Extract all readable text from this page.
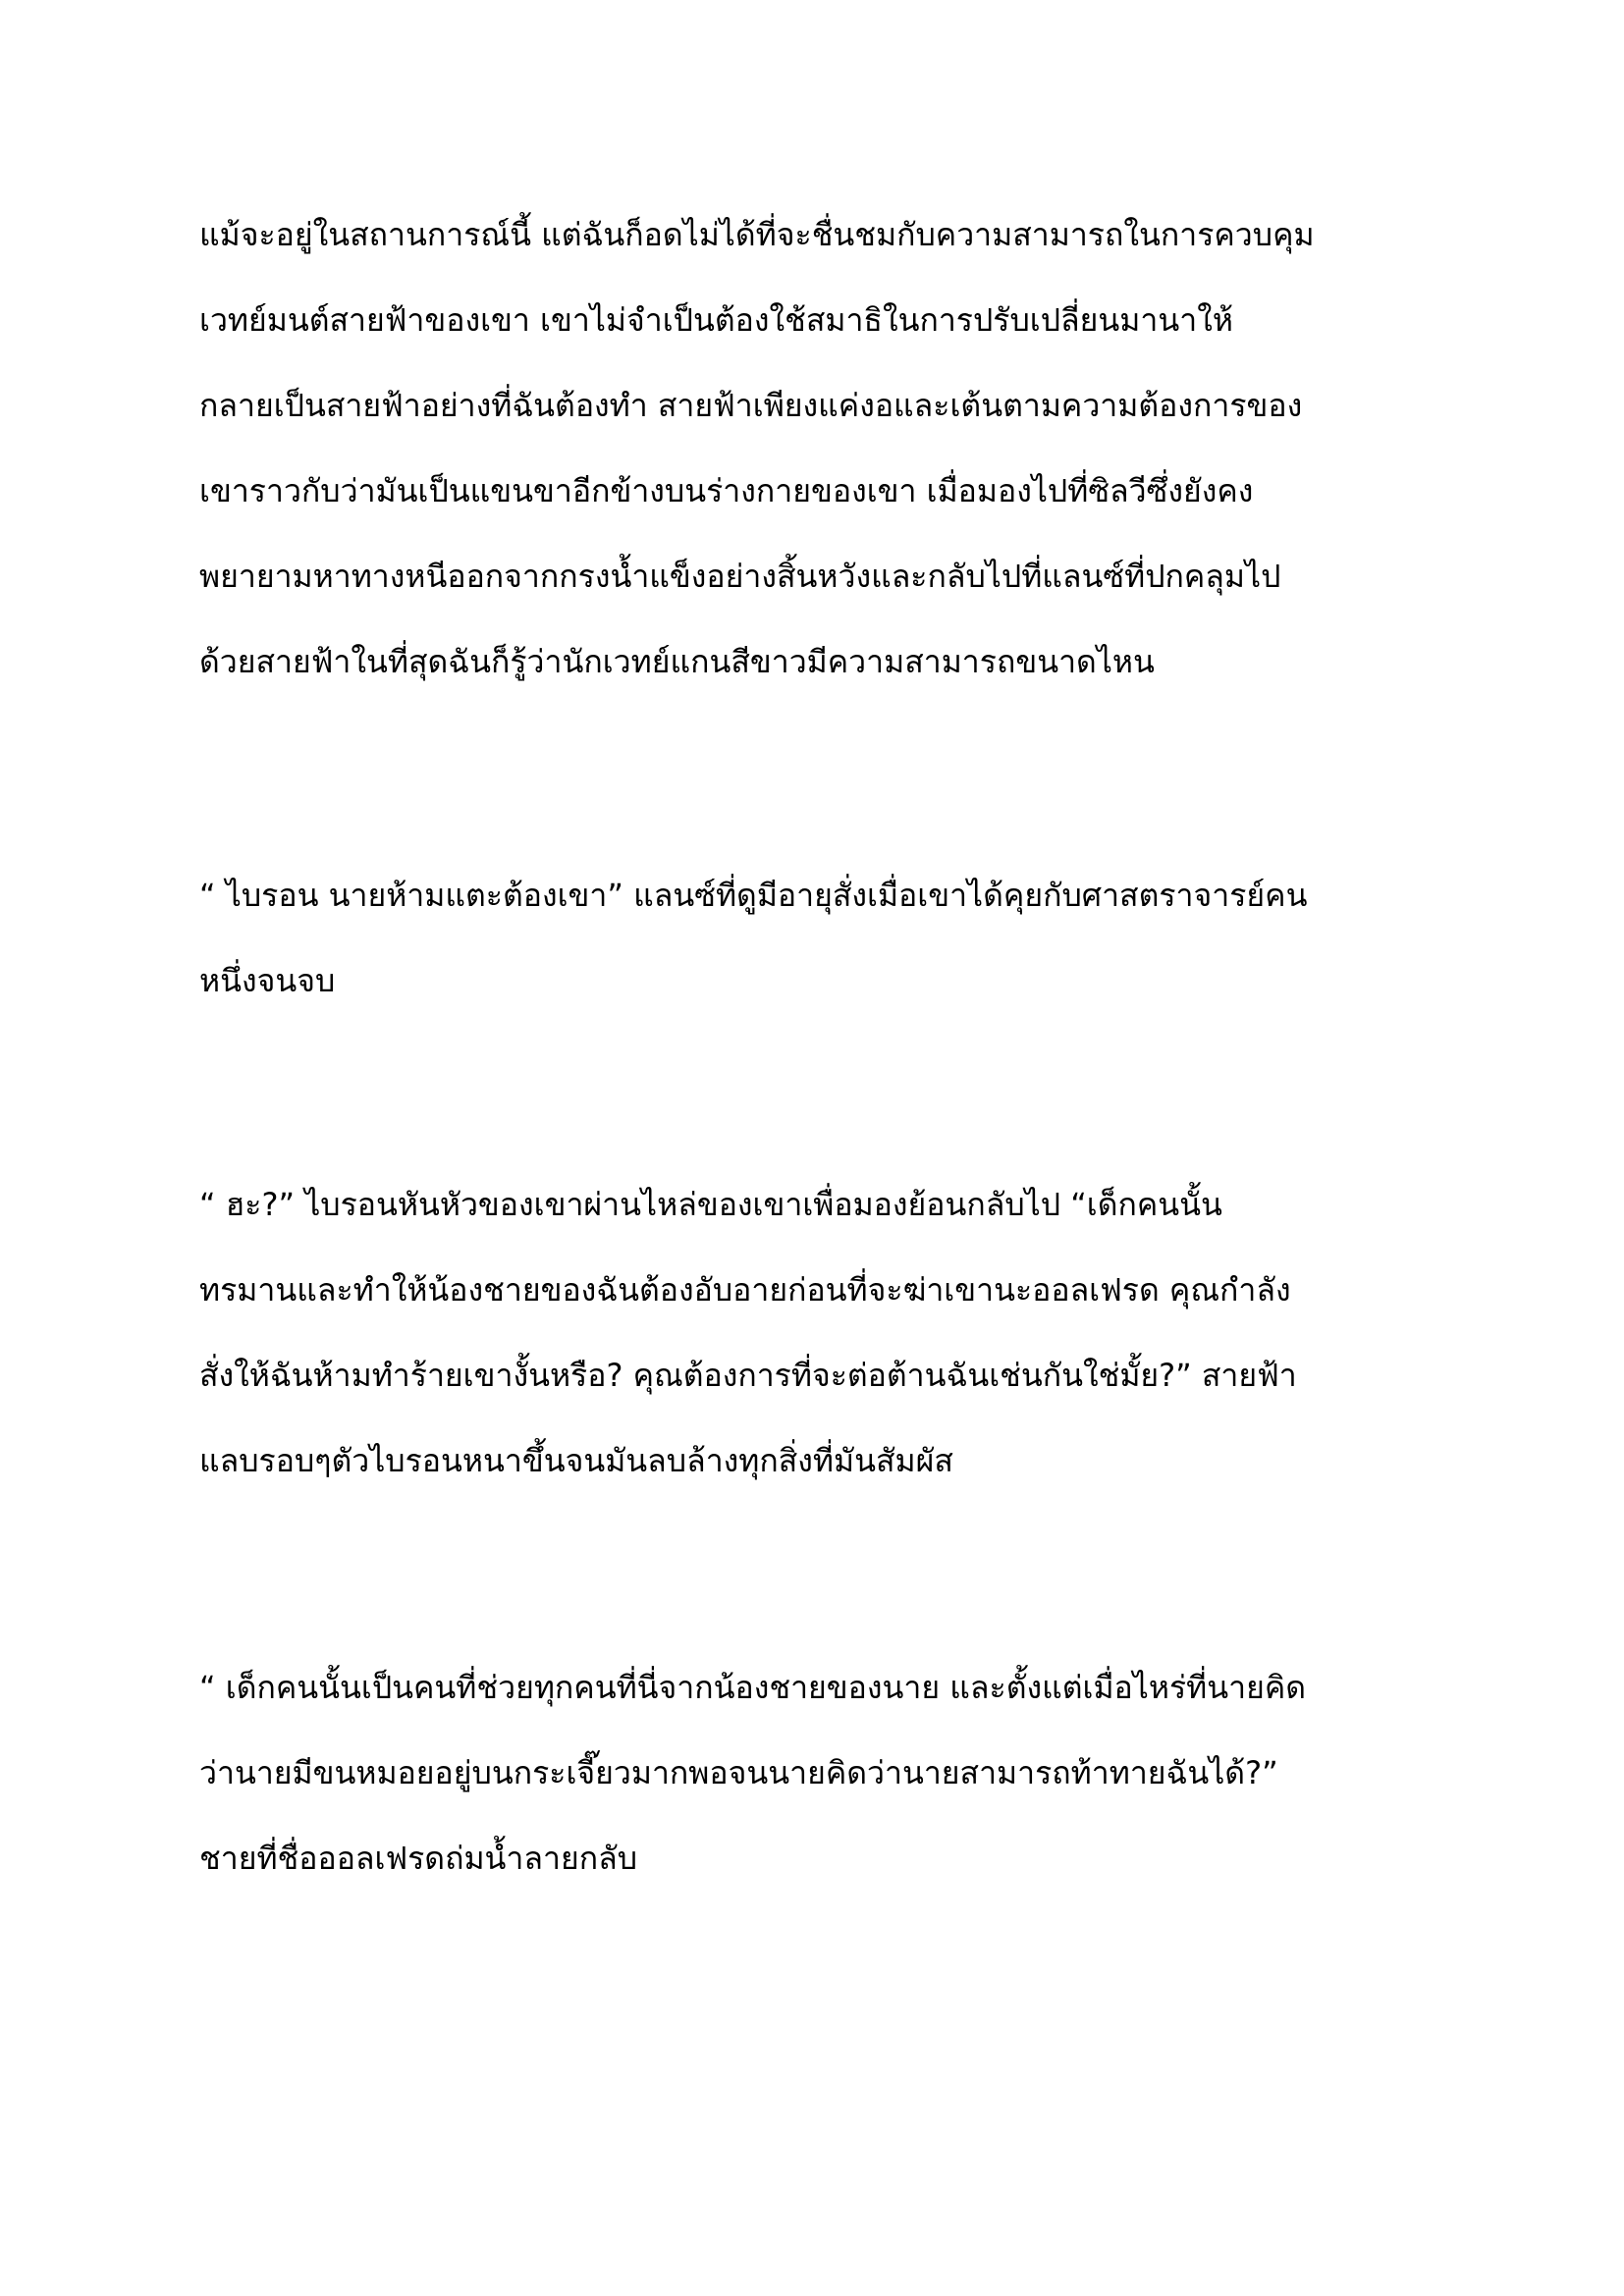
แม้จะอยู่ในสถานการณ์นี้ แต่ฉันก็อดไม่ได้ที่จะชื่นชมกับความสามารถในการควบคุม
เวทย์มนต์สายฟ้าของเขา เขาไม่จำเป็นต้องใช้สมาธิในการปรับเปลี่ยนมานาให้
กลายเป็นสายฟ้าอย่างที่ฉันต้องทำ สายฟ้าเพียงแค่งอและเต้นตามความต้องการของ
เขาราวกับว่ามันเป็นแขนขาอีกข้างบนร่างกายของเขา เมื่อมองไปที่ซิลวีซึ่งยังคง
พยายามหาทางหนีออกจากกรงน้ำแข็งอย่างสิ้นหวังและกลับไปที่แลนซ์ที่ปกคลุมไป
ด้วยสายฟ้าในที่สุดฉันก็รู้ว่านักเวทย์แกนสีขาวมีความสามารถขนาดไหน
“ ไบรอน นายห้ามแตะต้องเขา” แลนซ์ที่ดูมีอายุสั่งเมื่อเขาได้คุยกับศาสตราจารย์คน
หนึ่งจนจบ
“ ฮะ?” ไบรอนหันหัวของเขาผ่านไหล่ของเขาเพื่อมองย้อนกลับไป “เด็กคนนั้น
ทรมานและทำให้น้องชายของฉันต้องอับอายก่อนที่จะฆ่าเขานะออลเฟรด คุณกำลัง
สั่งให้ฉันห้ามทำร้ายเขางั้นหรือ? คุณต้องการที่จะต่อต้านฉันเช่นกันใช่มั้ย?” สายฟ้า
แลบรอบๆตัวไบรอนหนาขึ้นจนมันลบล้างทุกสิ่งที่มันสัมผัส
“ เด็กคนนั้นเป็นคนที่ช่วยทุกคนที่นี่จากน้องชายของนาย และตั้งแต่เมื่อไหร่ที่นายคิด
ว่านายมีขนหมอยอยู่บนกระเจี๊ยวมากพอจนนายคิดว่านายสามารถท้าทายฉันได้?”
ชายที่ชื่อออลเฟรดถ่มน้ำลายกลับ
